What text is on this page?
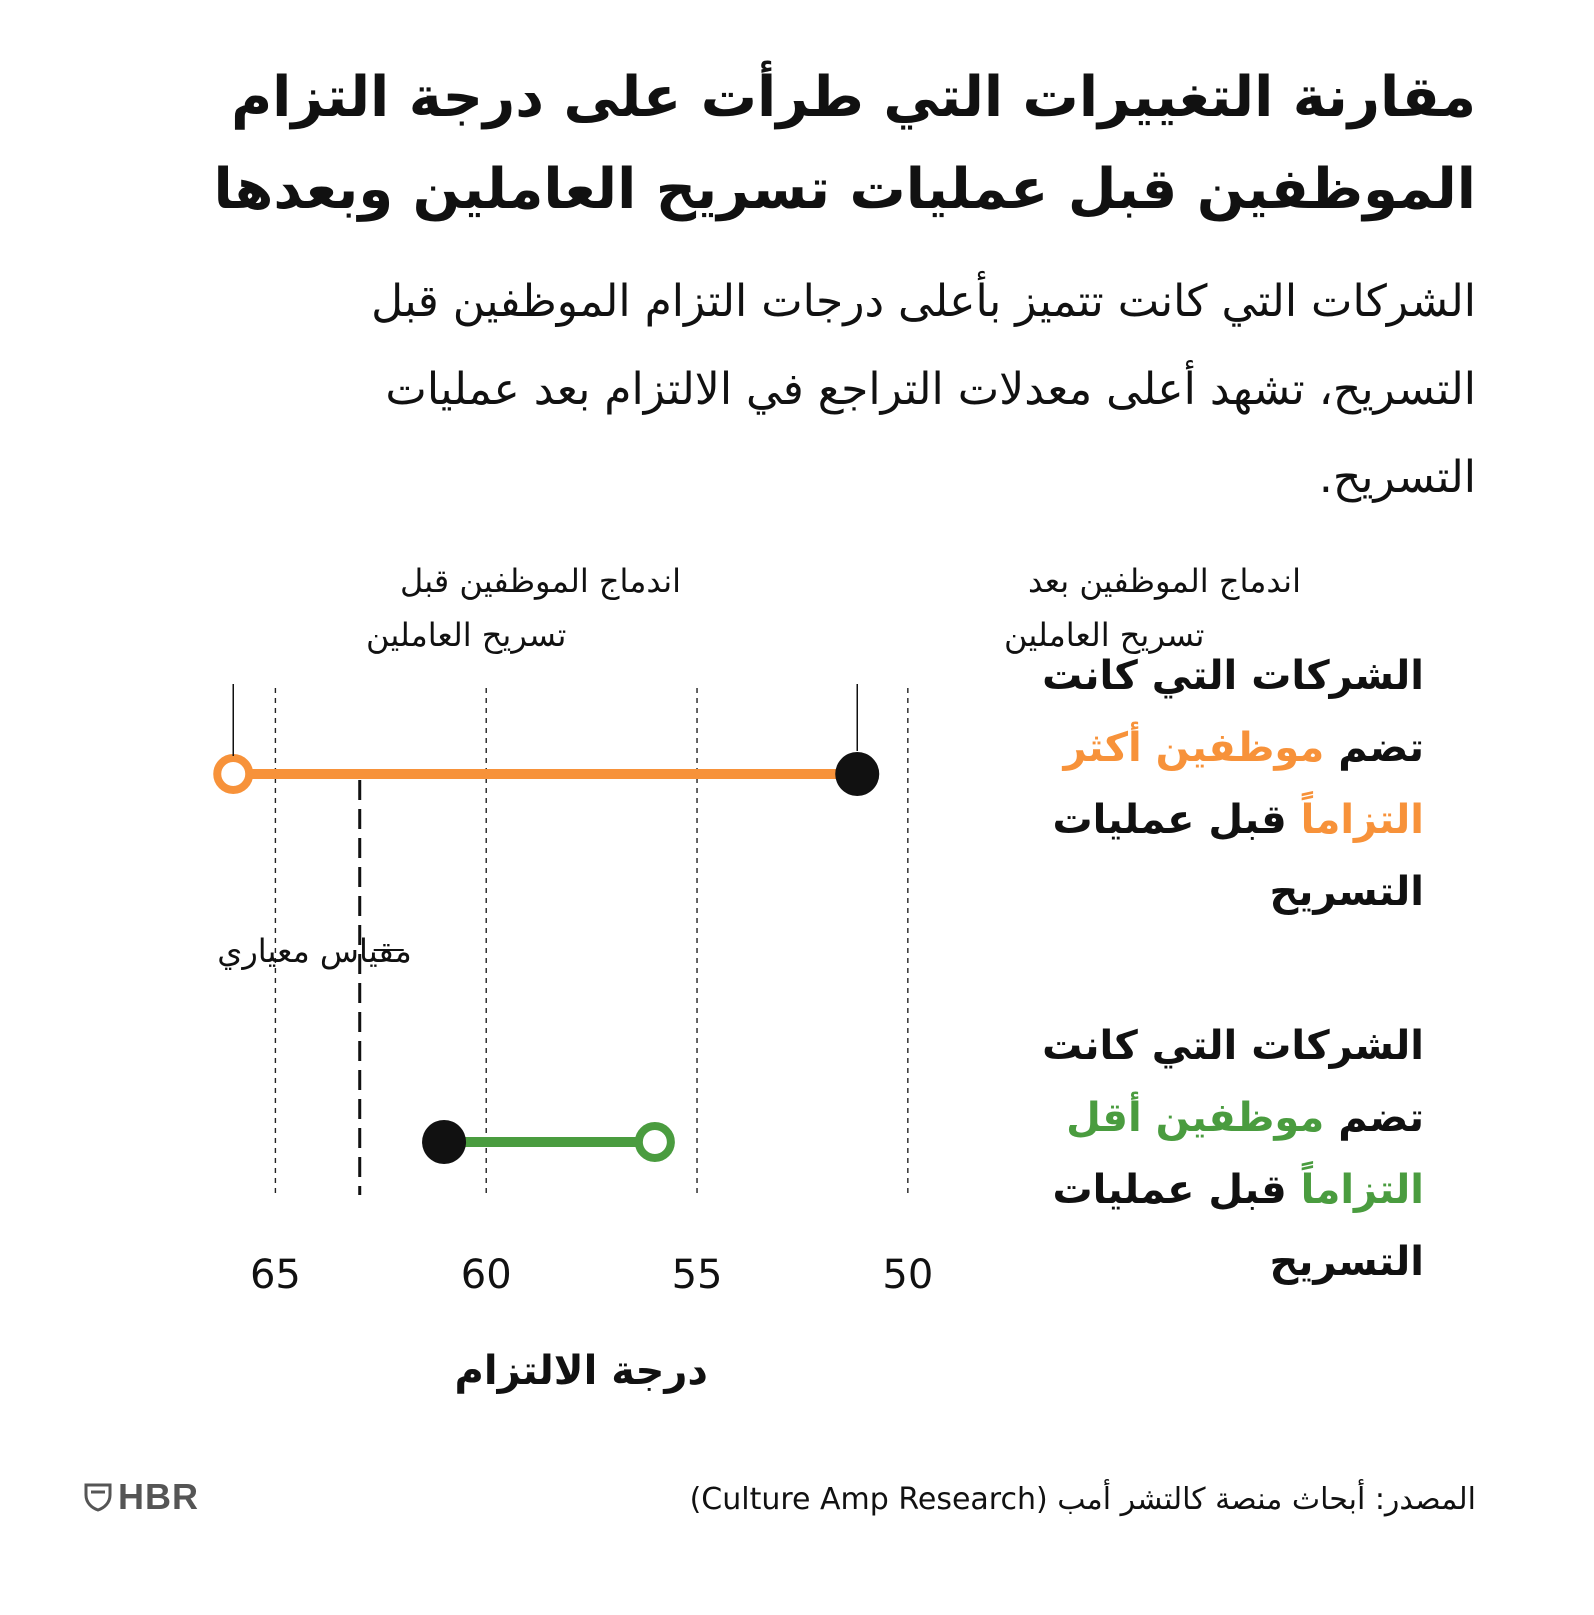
مقارنة التغييرات التي طرأت على درجة التزام الموظفين قبل عمليات تسريح العاملين وبعدها

الشركات التي كانت تتميز بأعلى درجات التزام الموظفين قبل التسريح، تشهد أعلى معدلات التراجع في الالتزام بعد عمليات التسريح.

الشركات التي كانت تضم موظفين أكثر التزاماً قبل عمليات التسريح
الشركات التي كانت تضم موظفين أقل التزاماً قبل عمليات التسريح
مقياس معياري
اندماج الموظفين قبل
تسريح العاملين
اندماج الموظفين بعد
تسريح العاملين
65	60	55	50
درجة الالتزام
المصدر: أبحاث منصة كالتشر أمب (Culture Amp Research)
HBR
